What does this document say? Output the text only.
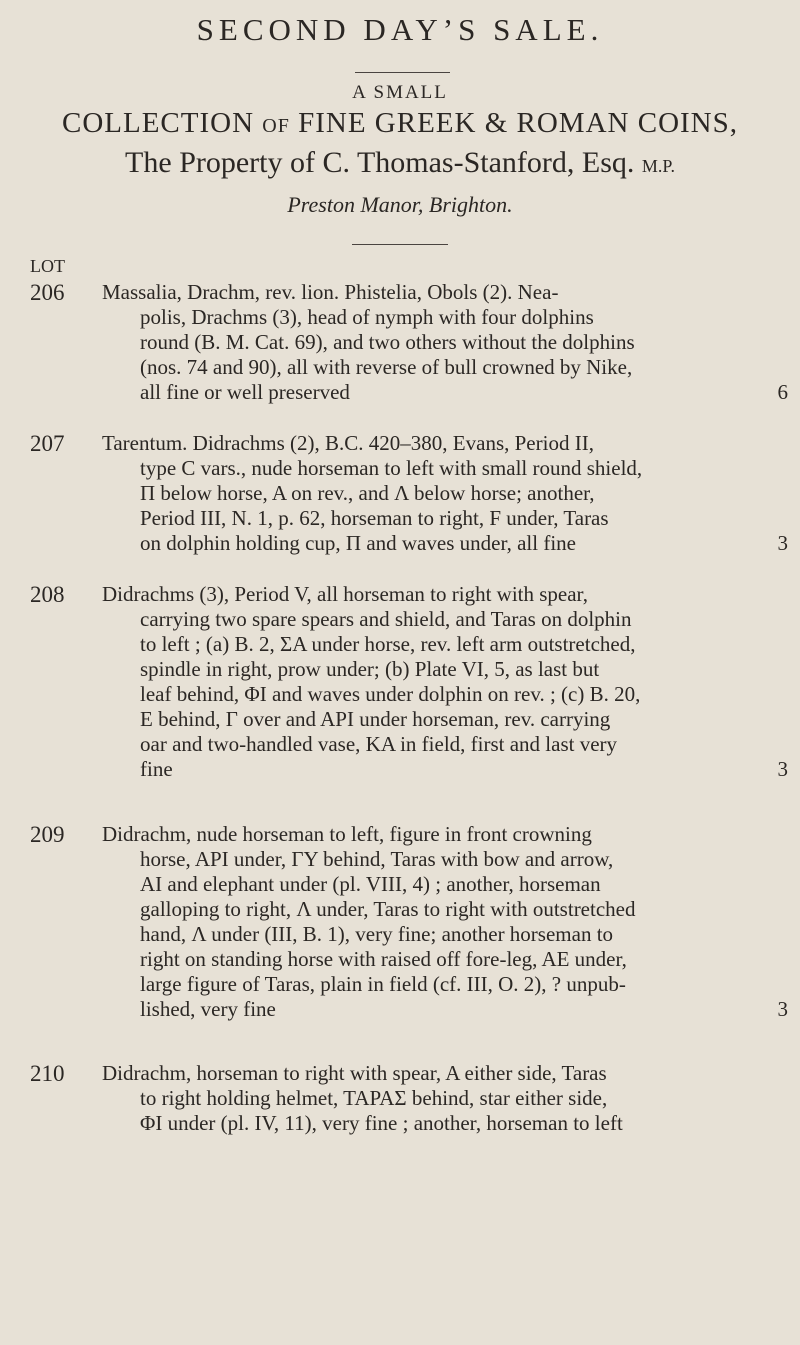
SECOND DAY’S SALE.
A SMALL
COLLECTION OF FINE GREEK & ROMAN COINS,
The Property of C. Thomas-Stanford, Esq. M.P.
Preston Manor, Brighton.
LOT
206 Massalia, Drachm, rev. lion. Phistelia, Obols (2). Nea-
polis, Drachms (3), head of nymph with four dolphins
round (B. M. Cat. 69), and two others without the dolphins
(nos. 74 and 90), all with reverse of bull crowned by Nike,
all fine or well preserved	6
207 Tarentum. Didrachms (2), B.C. 420–380, Evans, Period II,
type C vars., nude horseman to left with small round shield,
Π below horse, A on rev., and Λ below horse; another,
Period III, N. 1, p. 62, horseman to right, F under, Taras
on dolphin holding cup, Π and waves under, all fine	3
208 Didrachms (3), Period V, all horseman to right with spear,
carrying two spare spears and shield, and Taras on dolphin
to left ; (a) B. 2, ΣA under horse, rev. left arm outstretched,
spindle in right, prow under; (b) Plate VI, 5, as last but
leaf behind, ΦI and waves under dolphin on rev. ; (c) B. 20,
E behind, Γ over and API under horseman, rev. carrying
oar and two-handled vase, KA in field, first and last very
fine	3
209 Didrachm, nude horseman to left, figure in front crowning
horse, API under, ΓY behind, Taras with bow and arrow,
AI and elephant under (pl. VIII, 4) ; another, horseman
galloping to right, Λ under, Taras to right with outstretched
hand, Λ under (III, B. 1), very fine; another horseman to
right on standing horse with raised off fore-leg, AE under,
large figure of Taras, plain in field (cf. III, O. 2), ? unpub-
lished, very fine	3
210 Didrachm, horseman to right with spear, A either side, Taras
to right holding helmet, TAPAΣ behind, star either side,
ΦI under (pl. IV, 11), very fine ; another, horseman to left
